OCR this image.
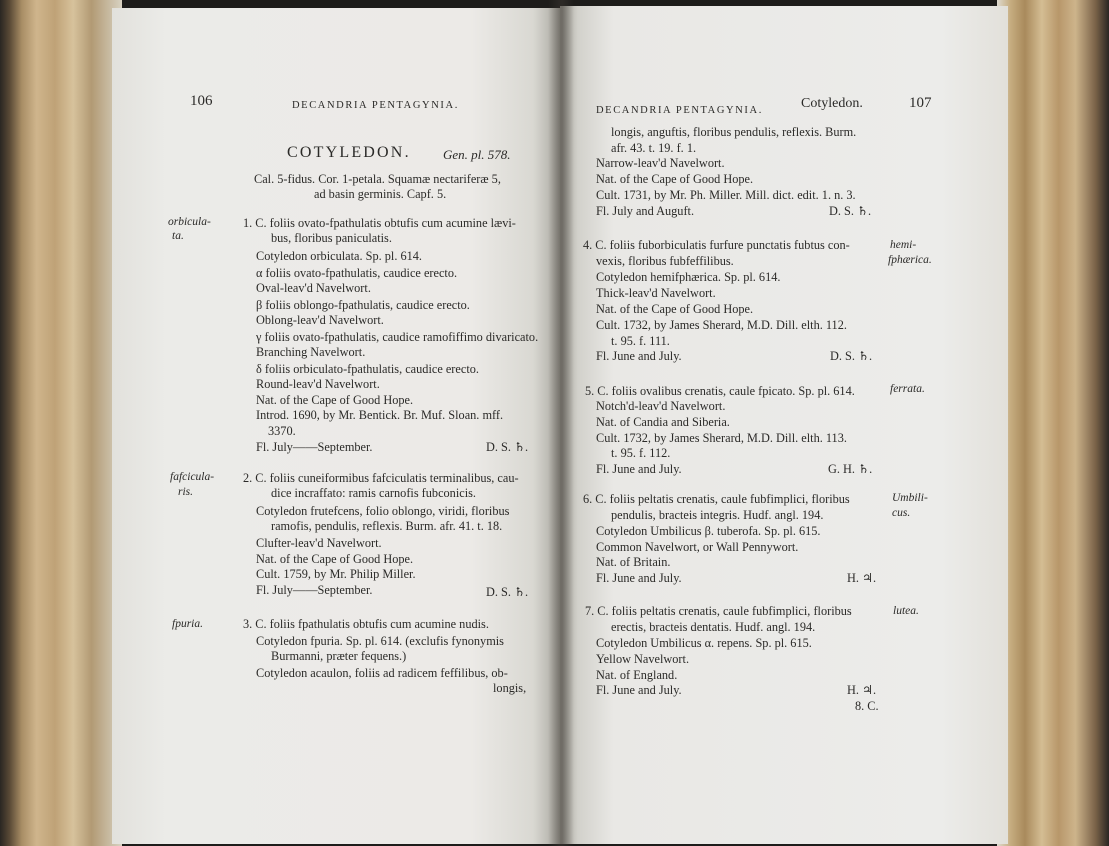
106	DECANDRIA PENTAGYNIA.
COTYLEDON. Gen. pl. 578.
Cal. 5-fidus. Cor. 1-petala. Squamæ nectariferæ 5,
ad basin germinis. Capf. 5.
orbicula-
ta.
1. C. foliis ovato-fpathulatis obtufis cum acumine lævi-
bus, floribus paniculatis.
Cotyledon orbiculata. Sp. pl. 614.
α foliis ovato-fpathulatis, caudice erecto.
Oval-leav'd Navelwort.
β foliis oblongo-fpathulatis, caudice erecto.
Oblong-leav'd Navelwort.
γ foliis ovato-fpathulatis, caudice ramofiffimo divaricato.
Branching Navelwort.
δ foliis orbiculato-fpathulatis, caudice erecto.
Round-leav'd Navelwort.
Nat. of the Cape of Good Hope.
Introd. 1690, by Mr. Bentick. Br. Muf. Sloan. mff.
3370.
Fl. July——September.	D. S. ♄.
fafcicula-
ris.
2. C. foliis cuneiformibus fafciculatis terminalibus, cau-
dice incraffato: ramis carnofis fubconicis.
Cotyledon frutefcens, folio oblongo, viridi, floribus
ramofis, pendulis, reflexis. Burm. afr. 41. t. 18.
Clufter-leav'd Navelwort.
Nat. of the Cape of Good Hope.
Cult. 1759, by Mr. Philip Miller.
Fl. July——September.	D. S. ♄.
fpuria.	3. C. foliis fpathulatis obtufis cum acumine nudis.
Cotyledon fpuria. Sp. pl. 614. (exclufis fynonymis
Burmanni, præter fequens.)
Cotyledon acaulon, foliis ad radicem feffilibus, ob-
longis,
DECANDRIA PENTAGYNIA.	Cotyledon.	107
longis, anguftis, floribus pendulis, reflexis. Burm.
afr. 43. t. 19. f. 1.
Narrow-leav'd Navelwort.
Nat. of the Cape of Good Hope.
Cult. 1731, by Mr. Ph. Miller. Mill. dict. edit. 1. n. 3.
Fl. July and Auguft.	D. S. ♄.
hemi-
fphærica.
4. C. foliis fuborbiculatis furfure punctatis fubtus con-
vexis, floribus fubfeffilibus.
Cotyledon hemifphærica. Sp. pl. 614.
Thick-leav'd Navelwort.
Nat. of the Cape of Good Hope.
Cult. 1732, by James Sherard, M.D. Dill. elth. 112.
t. 95. f. 111.
Fl. June and July.	D. S. ♄.
ferrata.
5. C. foliis ovalibus crenatis, caule fpicato. Sp. pl. 614.
Notch'd-leav'd Navelwort.
Nat. of Candia and Siberia.
Cult. 1732, by James Sherard, M.D. Dill. elth. 113.
t. 95. f. 112.
Fl. June and July.	G. H. ♄.
Umbili-
cus.
6. C. foliis peltatis crenatis, caule fubfimplici, floribus
pendulis, bracteis integris. Hudf. angl. 194.
Cotyledon Umbilicus β. tuberofa. Sp. pl. 615.
Common Navelwort, or Wall Pennywort.
Nat. of Britain.
Fl. June and July.	H. ♃.
lutea.
7. C. foliis peltatis crenatis, caule fubfimplici, floribus
erectis, bracteis dentatis. Hudf. angl. 194.
Cotyledon Umbilicus α. repens. Sp. pl. 615.
Yellow Navelwort.
Nat. of England.
Fl. June and July.	H. ♃.
8. C.
